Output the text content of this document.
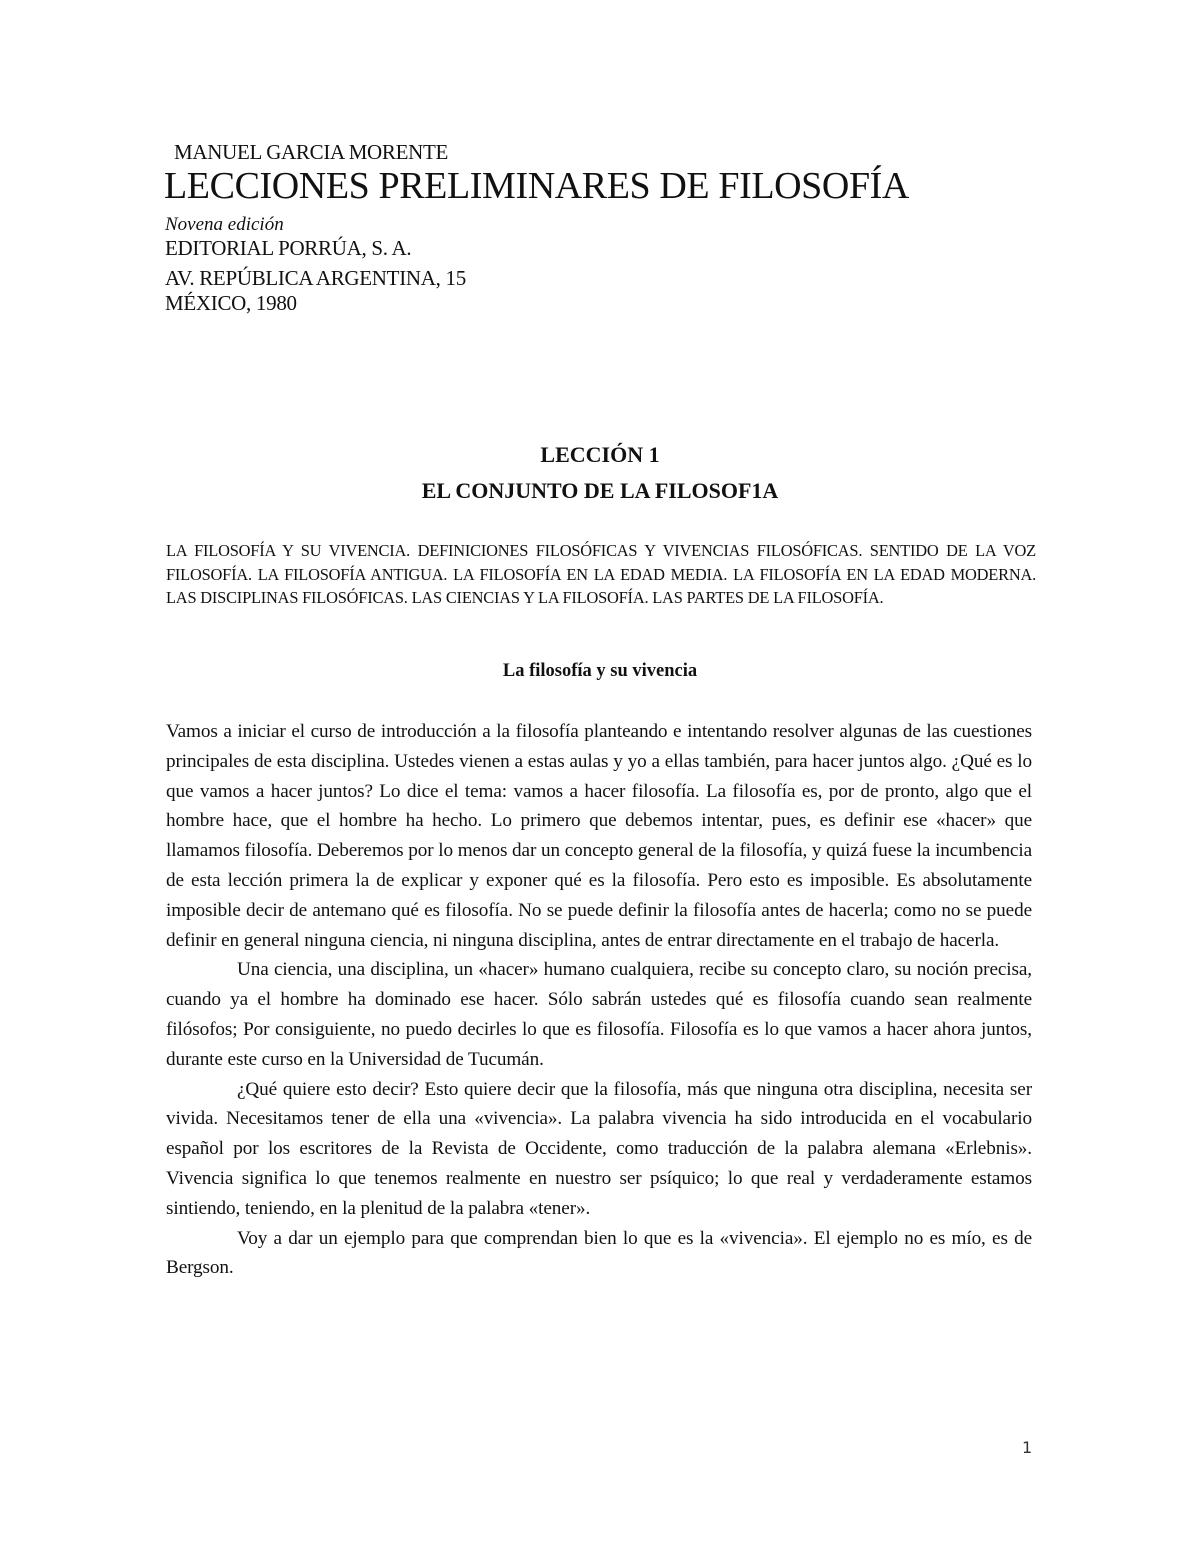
MANUEL GARCIA MORENTE
LECCIONES PRELIMINARES DE FILOSOFÍA
Novena edición
EDITORIAL PORRÚA, S. A.
AV. REPÚBLICA ARGENTINA, 15
MÉXICO, 1980
LECCIÓN 1
EL CONJUNTO DE LA FILOSOF1A

LA FILOSOFÍA Y SU VIVENCIA. DEFINICIONES FILOSÓFICAS Y VIVENCIAS FILOSÓFICAS. SENTIDO DE LA VOZ FILOSOFÍA. LA FILOSOFÍA ANTIGUA. LA FILOSOFÍA EN LA EDAD MEDIA. LA FILOSOFÍA EN LA EDAD MODERNA. LAS DISCIPLINAS FILOSÓFICAS. LAS CIENCIAS Y LA FILOSOFÍA. LAS PARTES DE LA FILOSOFÍA.

La filosofía y su vivencia

Vamos a iniciar el curso de introducción a la filosofía planteando e intentando resolver algunas de las cuestiones principales de esta disciplina. Ustedes vienen a estas aulas y yo a ellas también, para hacer juntos algo. ¿Qué es lo que vamos a hacer juntos? Lo dice el tema: vamos a hacer filosofía. La filosofía es, por de pronto, algo que el hombre hace, que el hombre ha hecho. Lo primero que debemos intentar, pues, es definir ese «hacer» que llamamos filosofía. Deberemos por lo menos dar un concepto general de la filosofía, y quizá fuese la incumbencia de esta lección primera la de explicar y exponer qué es la filosofía. Pero esto es imposible. Es absolutamente imposible decir de antemano qué es filosofía. No se puede definir la filosofía antes de hacerla; como no se puede definir en general ninguna ciencia, ni ninguna disciplina, antes de entrar directamente en el trabajo de hacerla.

Una ciencia, una disciplina, un «hacer» humano cualquiera, recibe su concepto claro, su noción precisa, cuando ya el hombre ha dominado ese hacer. Sólo sabrán ustedes qué es filosofía cuando sean realmente filósofos; Por consiguiente, no puedo decirles lo que es filosofía. Filosofía es lo que vamos a hacer ahora juntos, durante este curso en la Universidad de Tucumán.

¿Qué quiere esto decir? Esto quiere decir que la filosofía, más que ninguna otra disciplina, necesita ser vivida. Necesitamos tener de ella una «vivencia». La palabra vivencia ha sido introducida en el vocabulario español por los escritores de la Revista de Occidente, como traducción de la palabra alemana «Erlebnis». Vivencia significa lo que tenemos realmente en nuestro ser psíquico; lo que real y verdaderamente estamos sintiendo, teniendo, en la plenitud de la palabra «tener».

Voy a dar un ejemplo para que comprendan bien lo que es la «vivencia». El ejemplo no es mío, es de Bergson.

1
